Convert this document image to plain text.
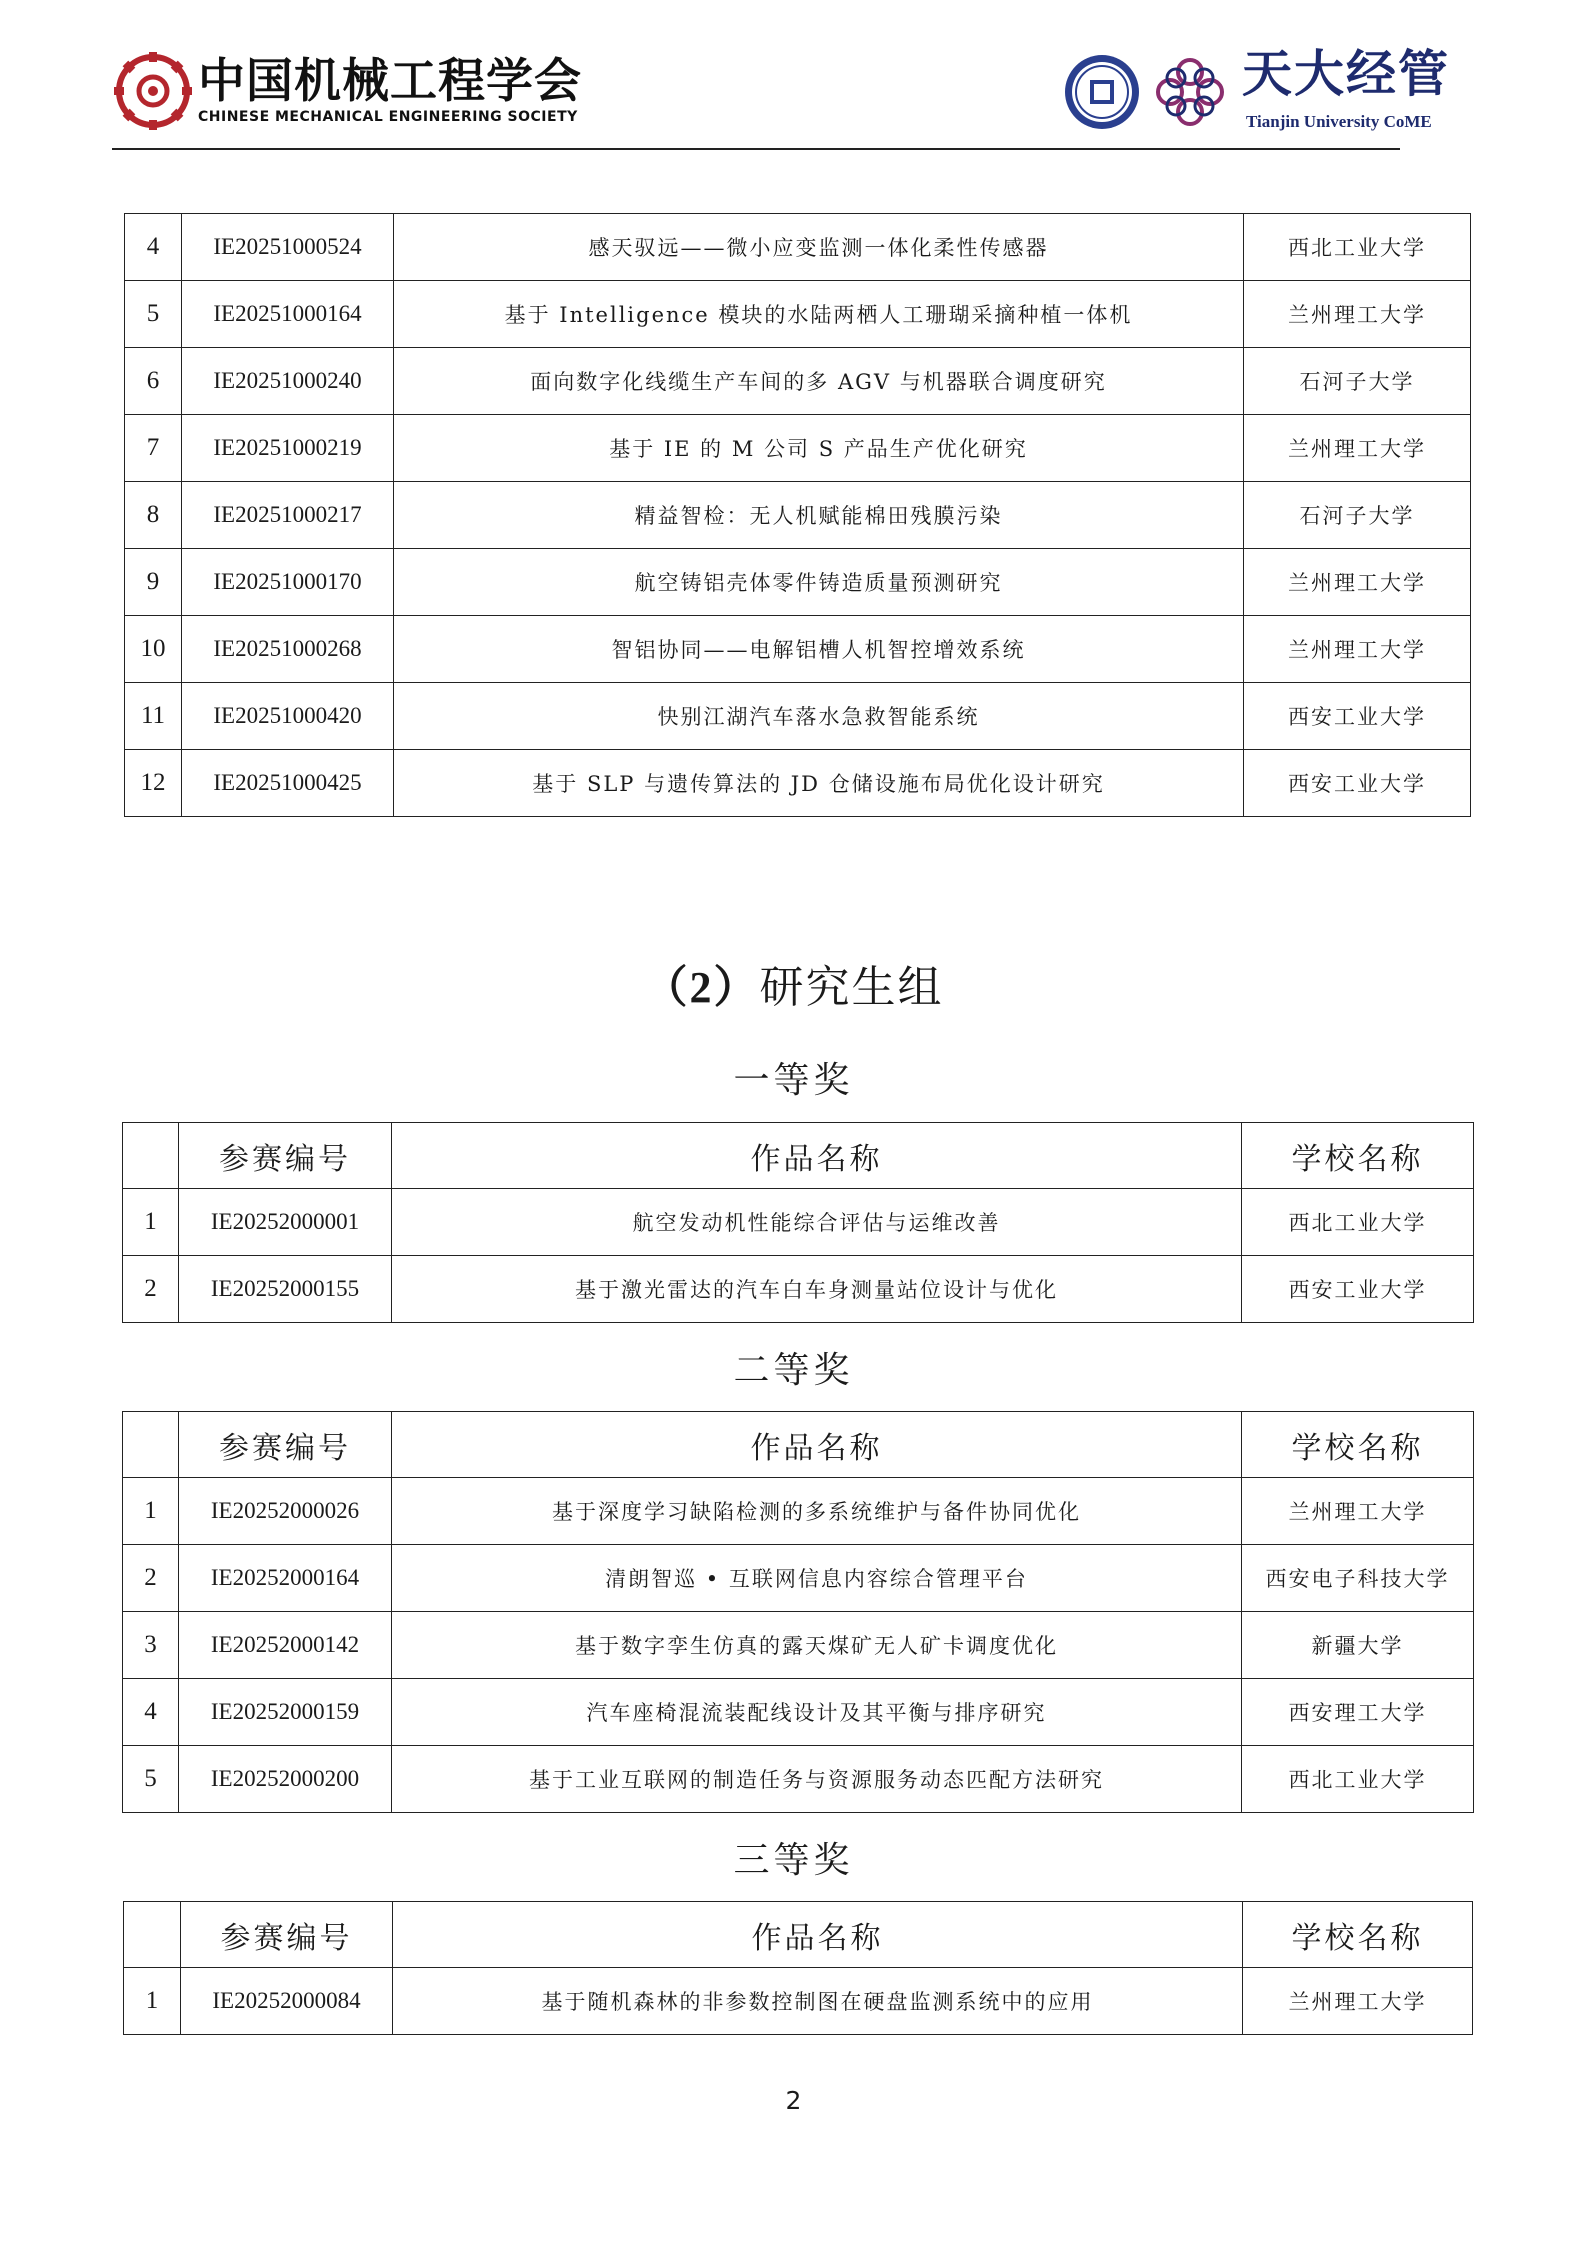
中国机械工程学会
CHINESE MECHANICAL ENGINEERING SOCIETY
天大经管
Tianjin University CoME
4	IE20251000524	感天驭远——微小应变监测一体化柔性传感器	西北工业大学
5	IE20251000164	基于 Intelligence 模块的水陆两栖人工珊瑚采摘种植一体机	兰州理工大学
6	IE20251000240	面向数字化线缆生产车间的多 AGV 与机器联合调度研究	石河子大学
7	IE20251000219	基于 IE 的 M 公司 S 产品生产优化研究	兰州理工大学
8	IE20251000217	精益智检：无人机赋能棉田残膜污染	石河子大学
9	IE20251000170	航空铸铝壳体零件铸造质量预测研究	兰州理工大学
10	IE20251000268	智铝协同——电解铝槽人机智控增效系统	兰州理工大学
11	IE20251000420	快别江湖汽车落水急救智能系统	西安工业大学
12	IE20251000425	基于 SLP 与遗传算法的 JD 仓储设施布局优化设计研究	西安工业大学
（2）研究生组
一等奖
	参赛编号	作品名称	学校名称
1	IE20252000001	航空发动机性能综合评估与运维改善	西北工业大学
2	IE20252000155	基于激光雷达的汽车白车身测量站位设计与优化	西安工业大学
二等奖
	参赛编号	作品名称	学校名称
1	IE20252000026	基于深度学习缺陷检测的多系统维护与备件协同优化	兰州理工大学
2	IE20252000164	清朗智巡 • 互联网信息内容综合管理平台	西安电子科技大学
3	IE20252000142	基于数字孪生仿真的露天煤矿无人矿卡调度优化	新疆大学
4	IE20252000159	汽车座椅混流装配线设计及其平衡与排序研究	西安理工大学
5	IE20252000200	基于工业互联网的制造任务与资源服务动态匹配方法研究	西北工业大学
三等奖
	参赛编号	作品名称	学校名称
1	IE20252000084	基于随机森林的非参数控制图在硬盘监测系统中的应用	兰州理工大学
2
